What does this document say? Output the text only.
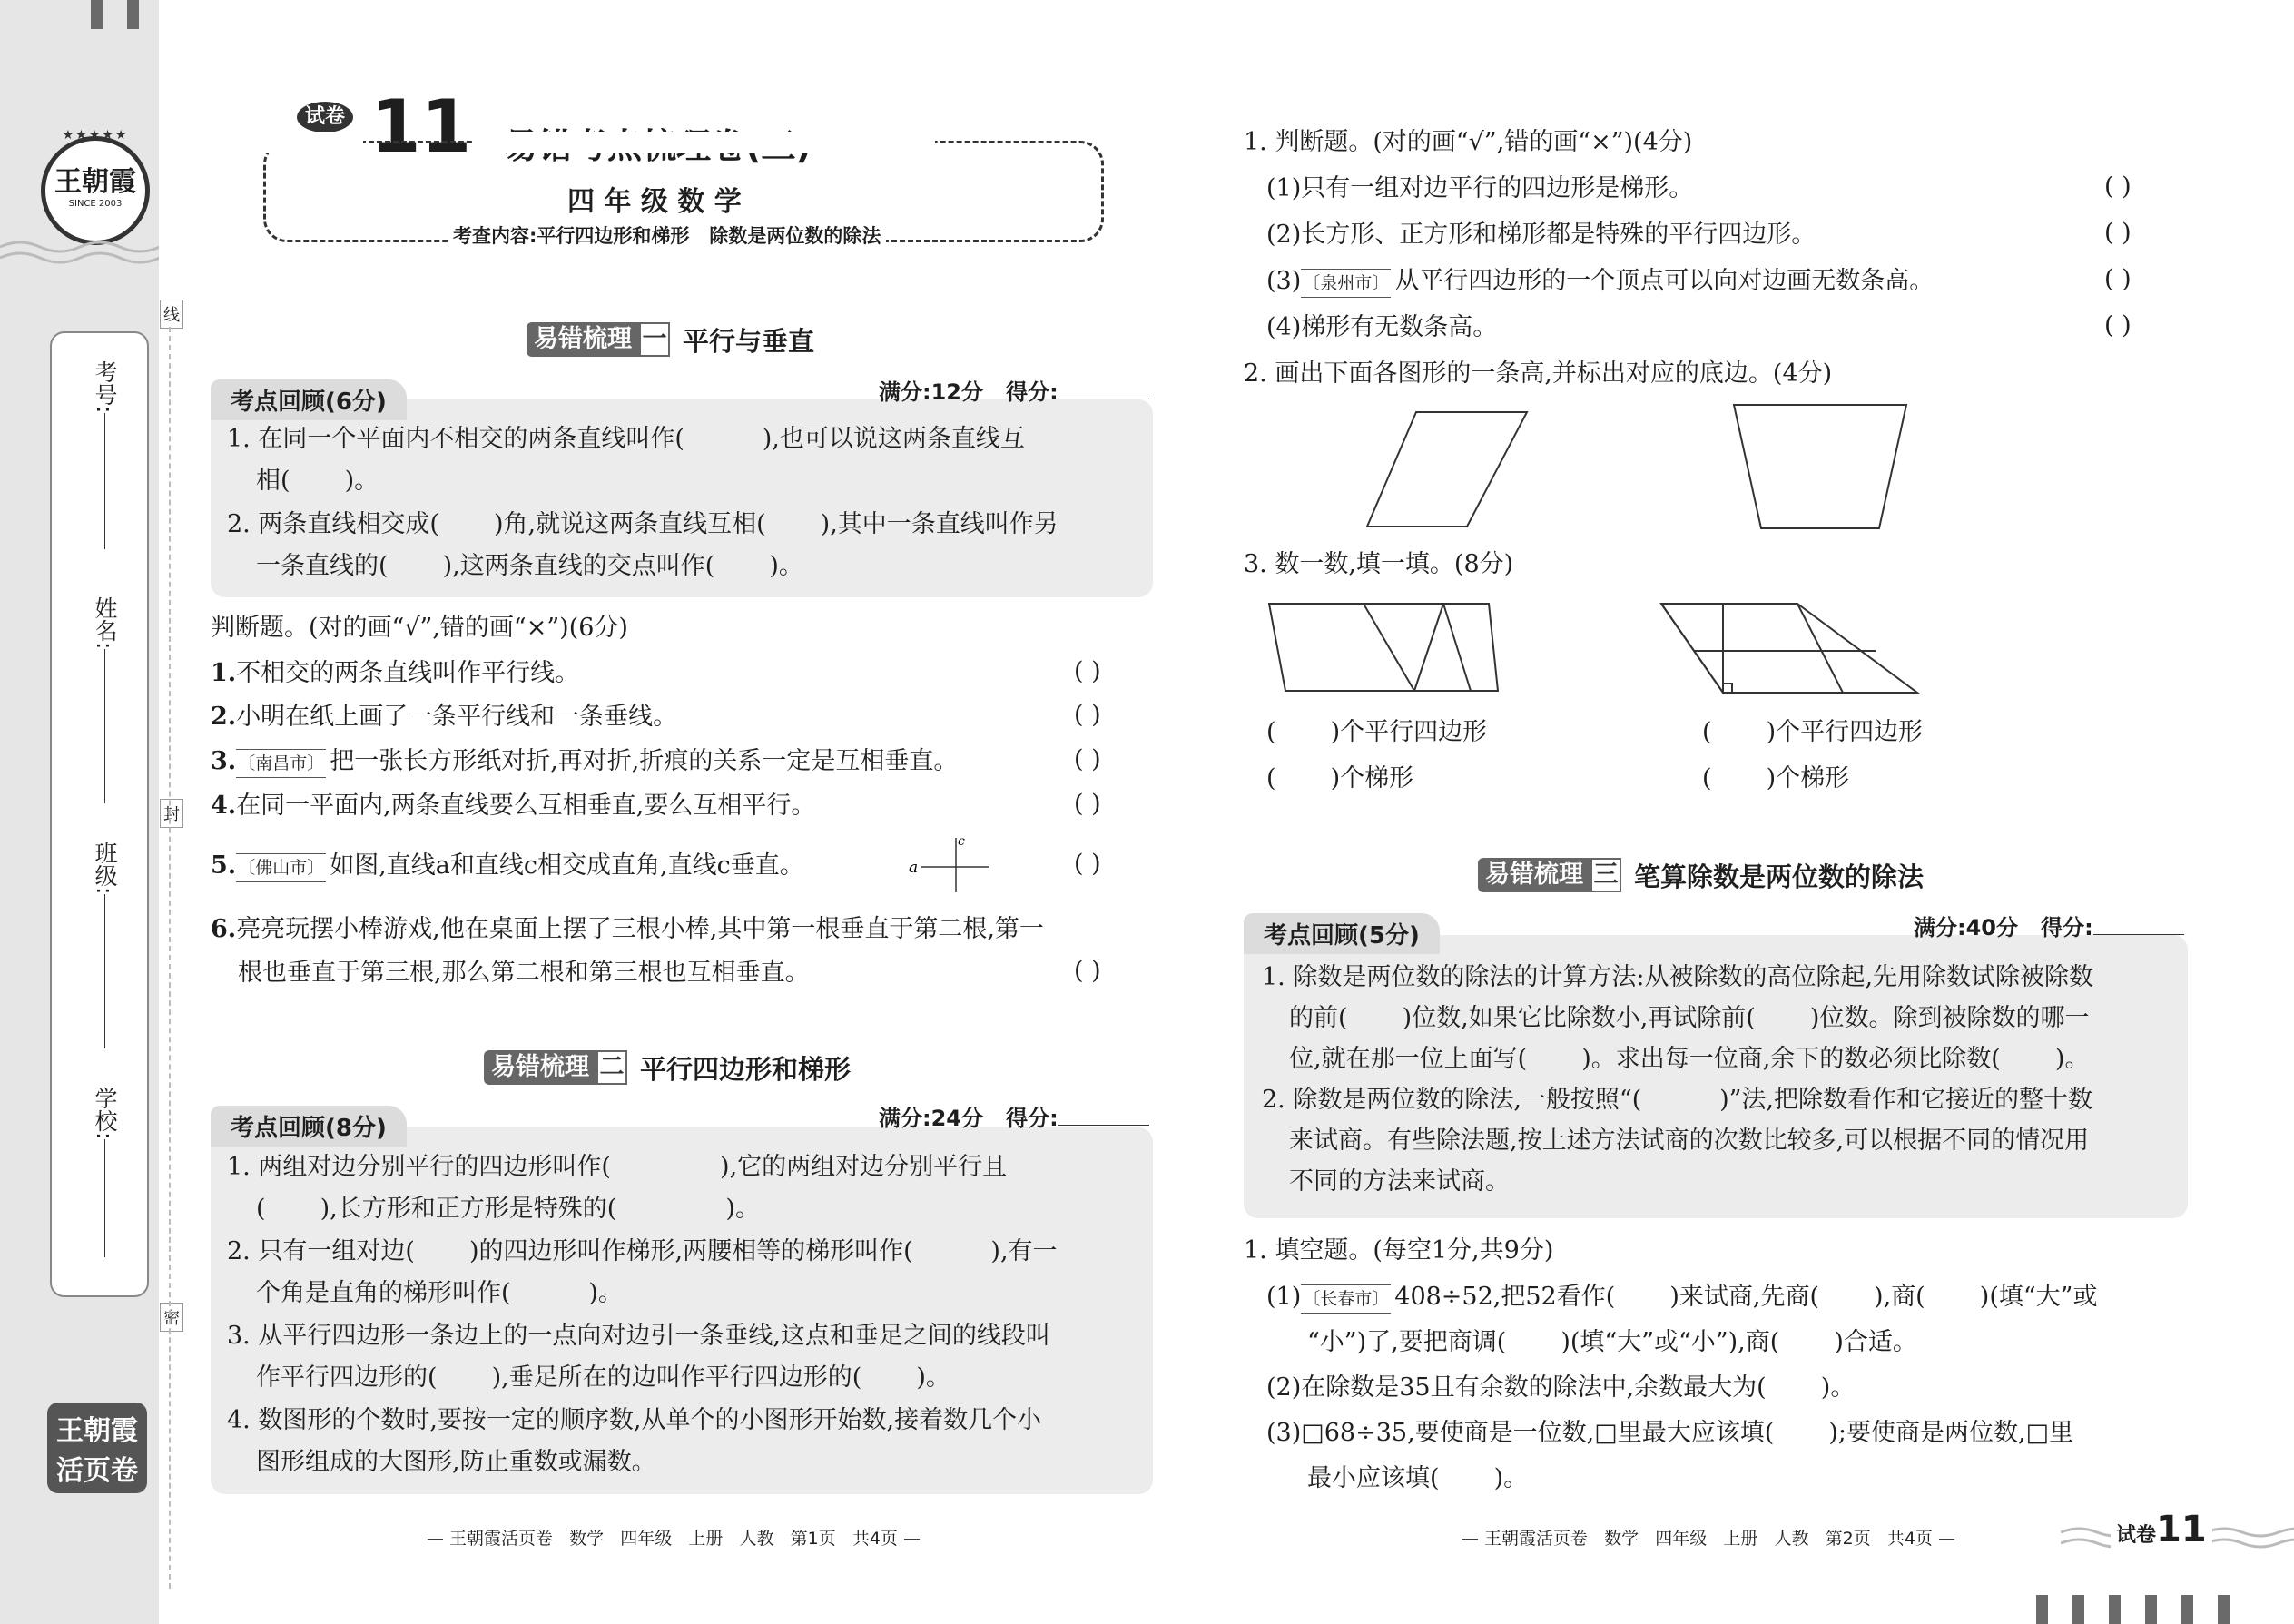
★★★★★
王朝霞
SINCE 2003
线
封
密
考号:
姓名:
班级:
学校:
王朝霞
活页卷
试卷 11
四 年 级 数 学
考查内容:平行四边形和梯形   除数是两位数的除法
易错梳理 一 平行与垂直
考点回顾(6分)	满分:12分 得分:
1. 在同一个平面内不相交的两条直线叫作(          ),也可以说这两条直线互
相(       )。
2. 两条直线相交成(       )角,就说这两条直线互相(       ),其中一条直线叫作另
一条直线的(       ),这两条直线的交点叫作(       )。
判断题。(对的画“√”,错的画“×”)(6分)
1.不相交的两条直线叫作平行线。	( )
2.小明在纸上画了一条平行线和一条垂线。	( )
3. 〔南昌市〕 把一张长方形纸对折,再对折,折痕的关系一定是互相垂直。	( )
4.在同一平面内,两条直线要么互相垂直,要么互相平行。	( )
5. 〔佛山市〕 如图,直线a和直线c相交成直角,直线c垂直。	( )
a
c
6.亮亮玩摆小棒游戏,他在桌面上摆了三根小棒,其中第一根垂直于第二根,第一
根也垂直于第三根,那么第二根和第三根也互相垂直。	( )
易错梳理 二 平行四边形和梯形
考点回顾(8分)	满分:24分 得分:
1. 两组对边分别平行的四边形叫作(              ),它的两组对边分别平行且
(       ),长方形和正方形是特殊的(              )。
2. 只有一组对边(       )的四边形叫作梯形,两腰相等的梯形叫作(          ),有一
个角是直角的梯形叫作(          )。
3. 从平行四边形一条边上的一点向对边引一条垂线,这点和垂足之间的线段叫
作平行四边形的(       ),垂足所在的边叫作平行四边形的(       )。
4. 数图形的个数时,要按一定的顺序数,从单个的小图形开始数,接着数几个小
图形组成的大图形,防止重数或漏数。
— 王朝霞活页卷   数学   四年级   上册   人教   第1页   共4页 —
1. 判断题。(对的画“√”,错的画“×”)(4分)
(1)只有一组对边平行的四边形是梯形。	( )
(2)长方形、正方形和梯形都是特殊的平行四边形。	( )
(3) 〔泉州市〕 从平行四边形的一个顶点可以向对边画无数条高。	( )
(4)梯形有无数条高。	( )
2. 画出下面各图形的一条高,并标出对应的底边。(4分)
3. 数一数,填一填。(8分)
(       )个平行四边形
(       )个梯形
(       )个平行四边形
(       )个梯形
易错梳理 三 笔算除数是两位数的除法
考点回顾(5分)	满分:40分 得分:
1. 除数是两位数的除法的计算方法:从被除数的高位除起,先用除数试除被除数
的前(       )位数,如果它比除数小,再试除前(       )位数。除到被除数的哪一
位,就在那一位上面写(       )。求出每一位商,余下的数必须比除数(       )。
2. 除数是两位数的除法,一般按照“(          )”法,把除数看作和它接近的整十数
来试商。有些除法题,按上述方法试商的次数比较多,可以根据不同的情况用
不同的方法来试商。
1. 填空题。(每空1分,共9分)
(1) 〔长春市〕 408÷52,把52看作(       )来试商,先商(       ),商(       )(填“大”或
“小”)了,要把商调(       )(填“大”或“小”),商(       )合适。
(2)在除数是35且有余数的除法中,余数最大为(       )。
(3)□68÷35,要使商是一位数,□里最大应该填(       );要使商是两位数,□里
最小应该填(       )。
— 王朝霞活页卷   数学   四年级   上册   人教   第2页   共4页 —	试卷11
